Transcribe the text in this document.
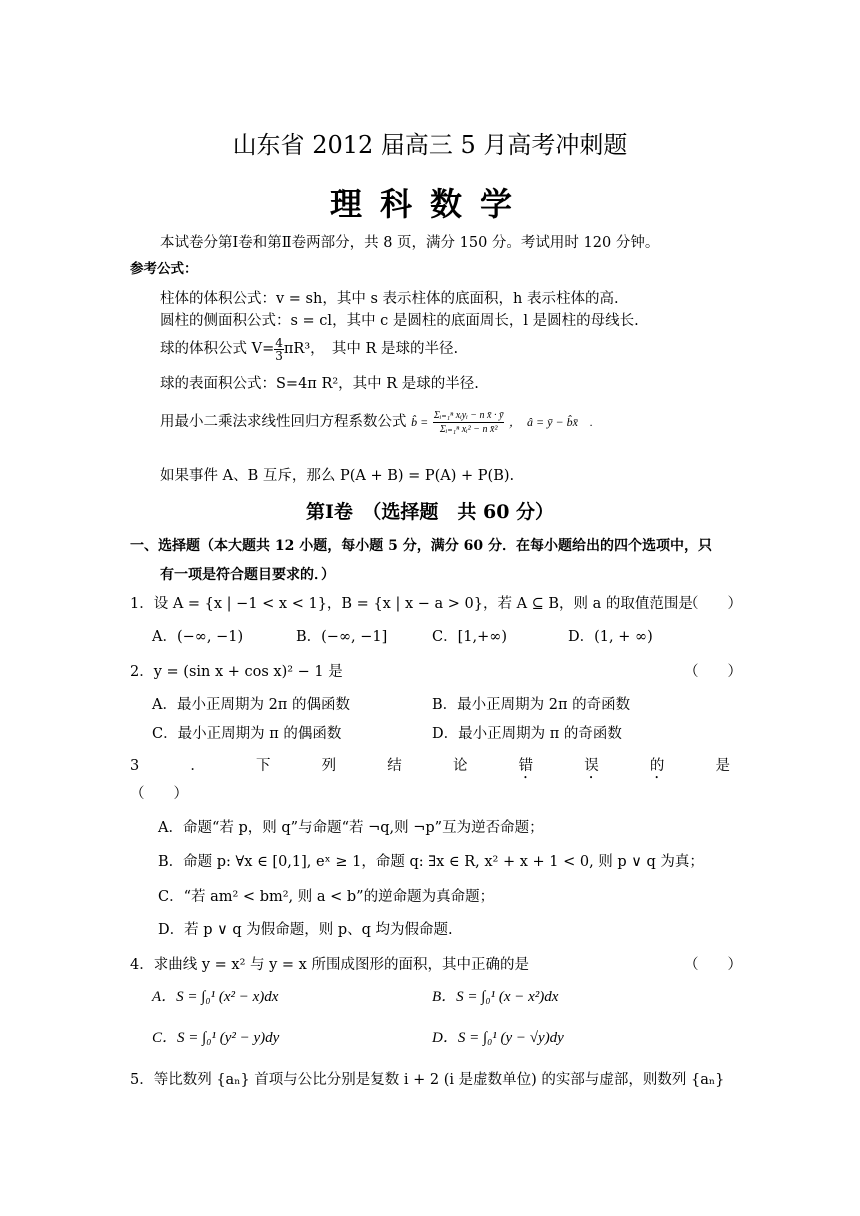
山东省 2012 届高三 5 月高考冲刺题
理科数学
本试卷分第Ⅰ卷和第Ⅱ卷两部分，共 8 页，满分 150 分。考试用时 120 分钟。
参考公式：
柱体的体积公式：v = sh，其中 s 表示柱体的底面积，h 表示柱体的高.
圆柱的侧面积公式：s = cl，其中 c 是圆柱的底面周长，l 是圆柱的母线长.
球的体积公式 $V= \frac{4}{3} \pi R^3$，　其中 R 是球的半径.
球的表面积公式：S=4π R²，其中 R 是球的半径.
用最小二乘法求线性回归方程系数公式 b̂ = $\frac{\text{Σᵢ₌₁ⁿ xᵢyᵢ − n x̄ · ȳ}}{\text{Σᵢ₌₁ⁿ xᵢ² − n x̄²}}$ ，　â = ȳ − b̂x̄　.
如果事件 A、B 互斥，那么 P(A + B) = P(A) + P(B).
第Ⅰ卷　（选择题　共 60 分）
一、选择题（本大题共 12 小题，每小题 5 分，满分 60 分．在每小题给出的四个选项中，只
有一项是符合题目要求的．）
1．设 A = {x | −1 < x < 1}，B = {x | x − a > 0}，若 A ⊆ B，则 a 的取值范围是
（　　）
A．(−∞, −1)	B．(−∞, −1]	C．[1,+∞)	D．(1, + ∞)
2．y = (sin x + cos x)² − 1 是	（　　）
A．最小正周期为 2π 的偶函数	B．最小正周期为 2π 的奇函数
C．最小正周期为 π 的偶函数	D．最小正周期为 π 的奇函数
3	．	下	列	结	论	错	误	的	是
（　　）
A．命题“若 p，则 q”与命题“若 ¬q,则 ¬p”互为逆否命题；
B．命题 p: ∀x ∈ [0,1], eˣ ≥ 1，命题 q: ∃x ∈ R, x² + x + 1 < 0, 则 p ∨ q 为真；
C．“若 am² < bm², 则 a < b”的逆命题为真命题；
D．若 p ∨ q 为假命题，则 p、q 均为假命题.
4．求曲线 y = x² 与 y = x 所围成图形的面积，其中正确的是	（　　）
A．S = ∫₀¹ (x² − x)dx	B．S = ∫₀¹ (x − x²)dx
C．S = ∫₀¹ (y² − y)dy	D．S = ∫₀¹ (y − √y)dy
5．等比数列 {aₙ} 首项与公比分别是复数 i + 2 (i 是虚数单位) 的实部与虚部，则数列 {aₙ}
